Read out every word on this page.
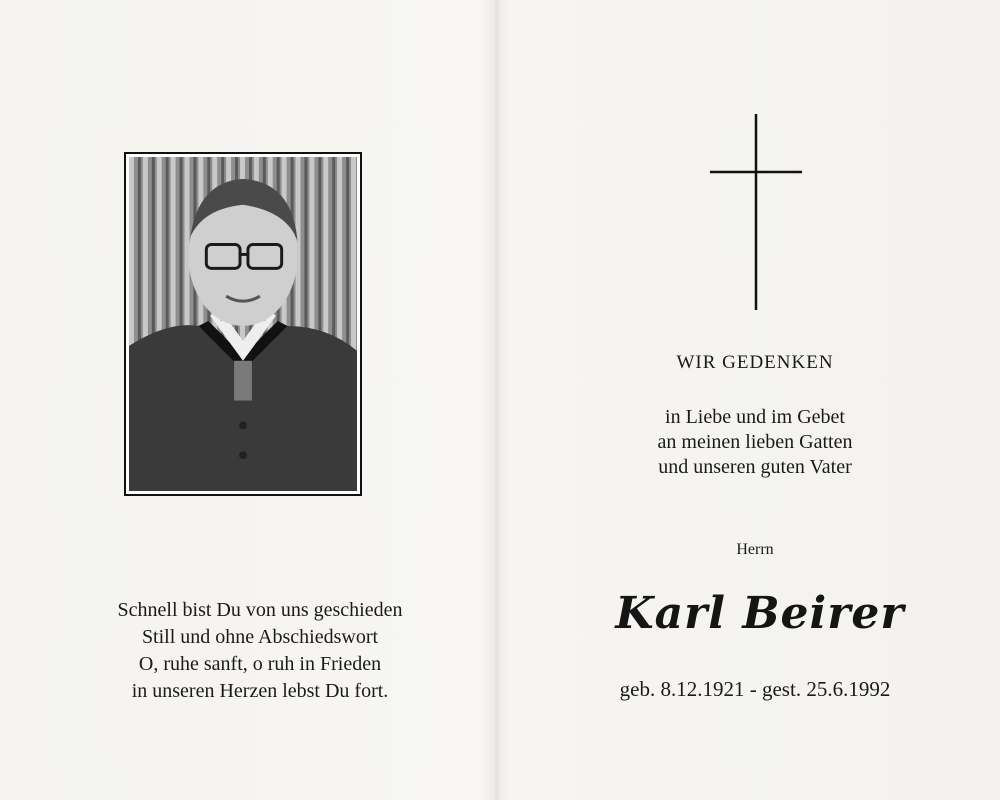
Schnell bist Du von uns geschieden
Still und ohne Abschiedswort
O, ruhe sanft, o ruh in Frieden
in unseren Herzen lebst Du fort.
WIR GEDENKEN
in Liebe und im Gebet
an meinen lieben Gatten
und unseren guten Vater
Herrn
Karl Beirer
geb. 8.12.1921 - gest. 25.6.1992
